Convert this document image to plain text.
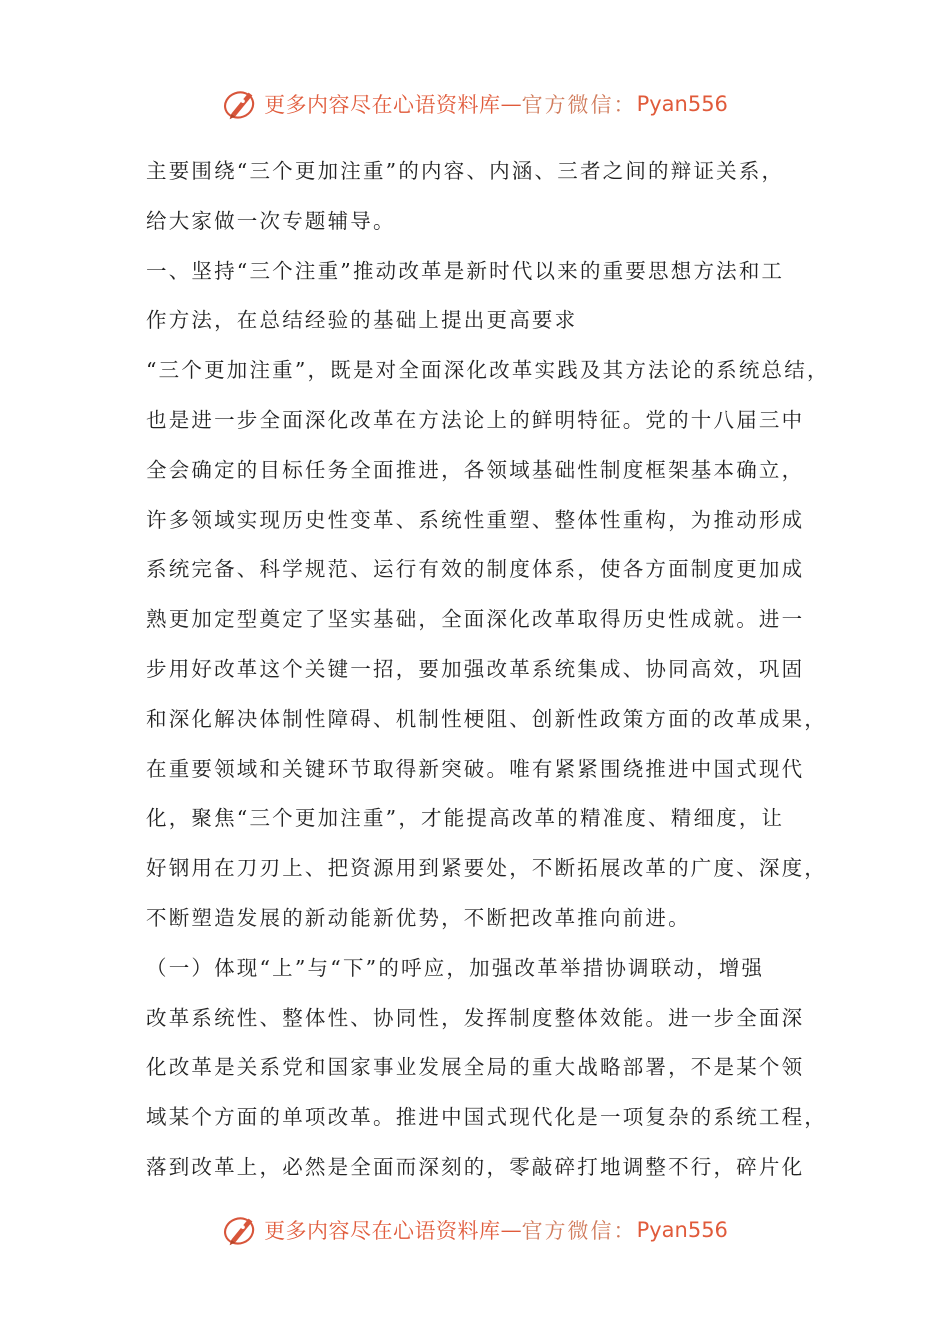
更多内容尽在心语资料库 — 官方微信： Pyan556
主要围绕“三个更加注重”的内容、内涵、三者之间的辩证关系，
给大家做一次专题辅导。
一、坚持“三个注重”推动改革是新时代以来的重要思想方法和工
作方法，在总结经验的基础上提出更高要求
“三个更加注重”，既是对全面深化改革实践及其方法论的系统总结，
也是进一步全面深化改革在方法论上的鲜明特征。党的十八届三中
全会确定的目标任务全面推进，各领域基础性制度框架基本确立，
许多领域实现历史性变革、系统性重塑、整体性重构，为推动形成
系统完备、科学规范、运行有效的制度体系，使各方面制度更加成
熟更加定型奠定了坚实基础，全面深化改革取得历史性成就。进一
步用好改革这个关键一招，要加强改革系统集成、协同高效，巩固
和深化解决体制性障碍、机制性梗阻、创新性政策方面的改革成果，
在重要领域和关键环节取得新突破。唯有紧紧围绕推进中国式现代
化，聚焦“三个更加注重”，才能提高改革的精准度、精细度，让
好钢用在刀刃上、把资源用到紧要处，不断拓展改革的广度、深度，
不断塑造发展的新动能新优势，不断把改革推向前进。
（一）体现“上”与“下”的呼应，加强改革举措协调联动，增强
改革系统性、整体性、协同性，发挥制度整体效能。进一步全面深
化改革是关系党和国家事业发展全局的重大战略部署，不是某个领
域某个方面的单项改革。推进中国式现代化是一项复杂的系统工程，
落到改革上，必然是全面而深刻的，零敲碎打地调整不行，碎片化
更多内容尽在心语资料库 — 官方微信： Pyan556
